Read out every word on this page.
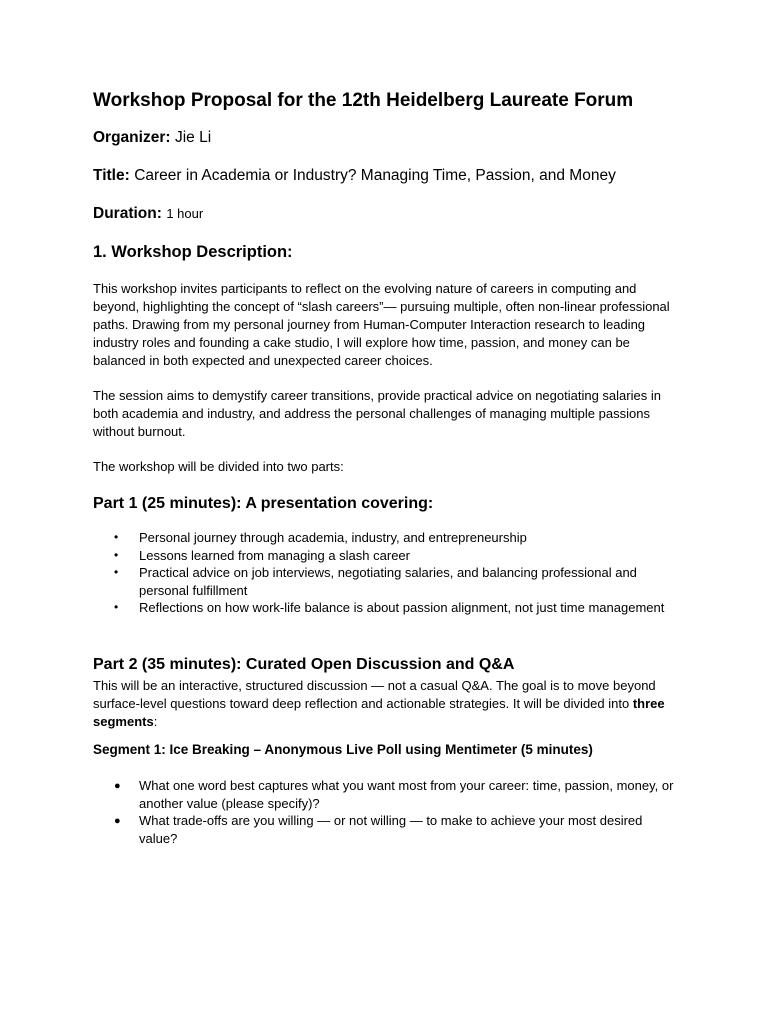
Workshop Proposal for the 12th Heidelberg Laureate Forum
Organizer: Jie Li
Title: Career in Academia or Industry? Managing Time, Passion, and Money
Duration: 1 hour
1. Workshop Description:

This workshop invites participants to reflect on the evolving nature of careers in computing and beyond, highlighting the concept of “slash careers”— pursuing multiple, often non-linear professional paths. Drawing from my personal journey from Human-Computer Interaction research to leading industry roles and founding a cake studio, I will explore how time, passion, and money can be balanced in both expected and unexpected career choices.

The session aims to demystify career transitions, provide practical advice on negotiating salaries in both academia and industry, and address the personal challenges of managing multiple passions without burnout.

The workshop will be divided into two parts:

Part 1 (25 minutes): A presentation covering:
• Personal journey through academia, industry, and entrepreneurship
• Lessons learned from managing a slash career
• Practical advice on job interviews, negotiating salaries, and balancing professional and personal fulfillment
• Reflections on how work-life balance is about passion alignment, not just time management
Part 2 (35 minutes): Curated Open Discussion and Q&A

This will be an interactive, structured discussion — not a casual Q&A. The goal is to move beyond surface-level questions toward deep reflection and actionable strategies. It will be divided into three segments:

Segment 1: Ice Breaking – Anonymous Live Poll using Mentimeter (5 minutes)
● What one word best captures what you want most from your career: time, passion, money, or another value (please specify)?
● What trade-offs are you willing — or not willing — to make to achieve your most desired value?
